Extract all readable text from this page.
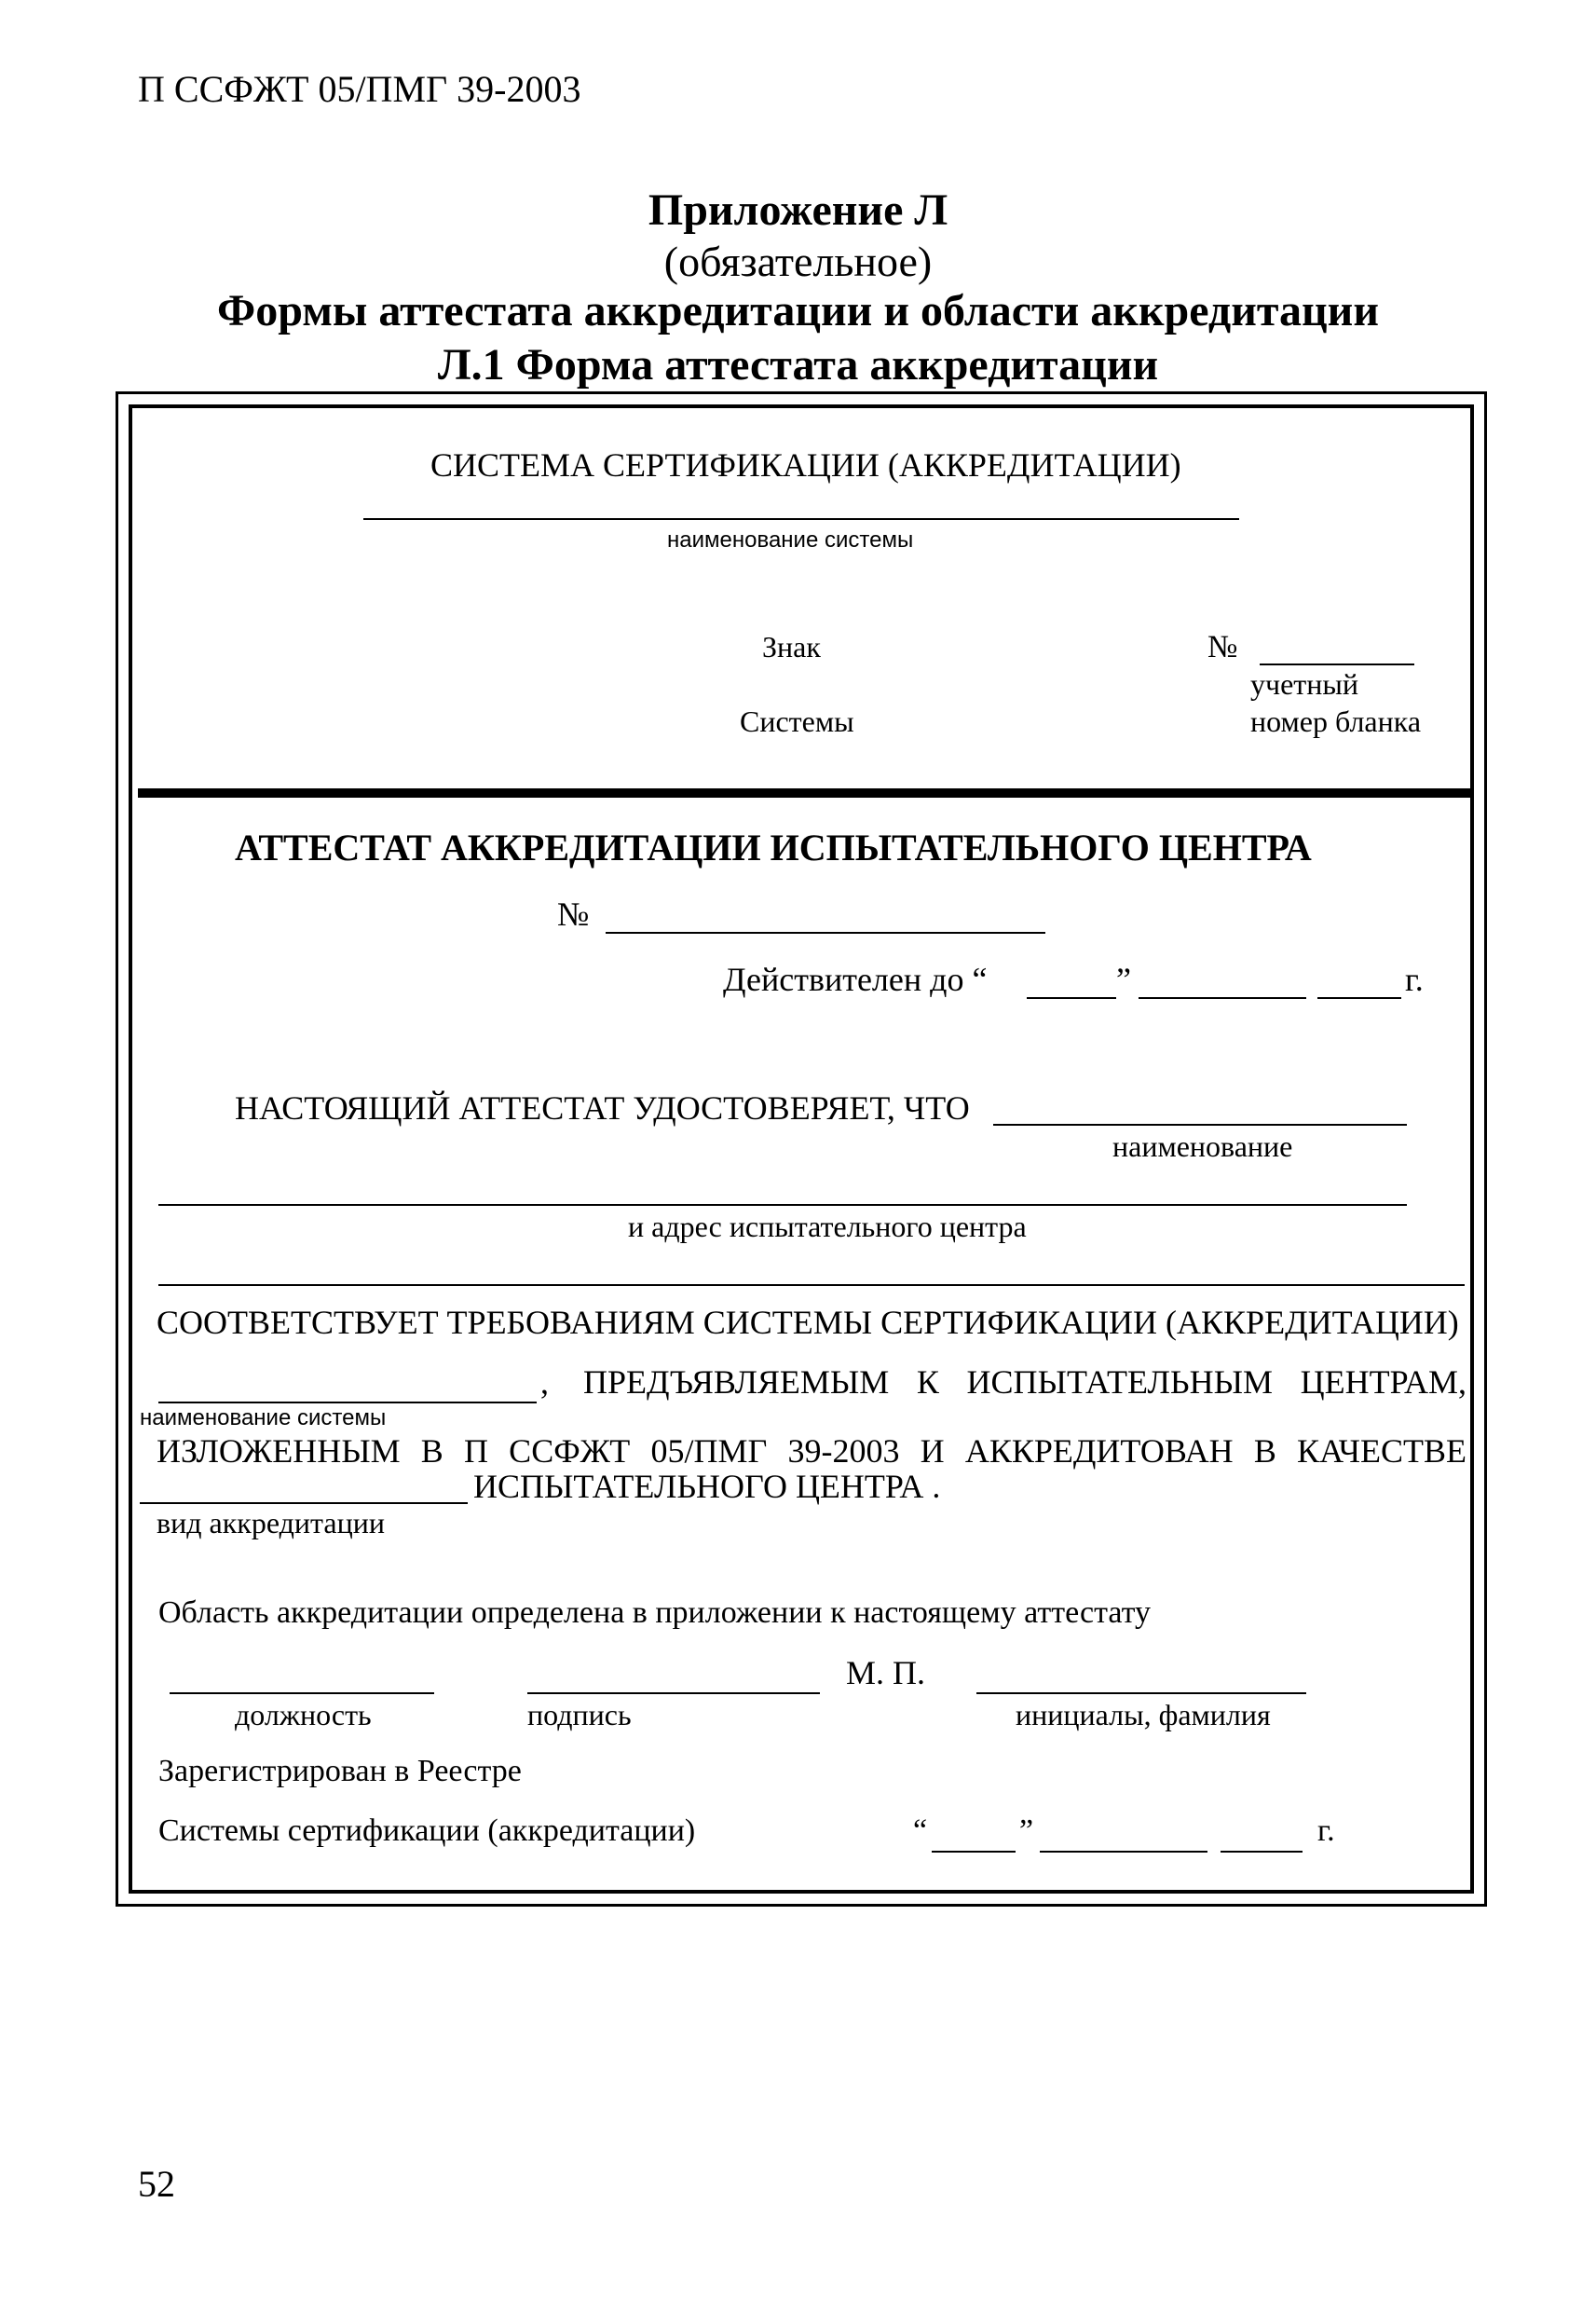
П ССФЖТ 05/ПМГ 39-2003
Приложение Л
(обязательное)
Формы аттестата аккредитации и области аккредитации
Л.1 Форма аттестата аккредитации
СИСТЕМА СЕРТИФИКАЦИИ (АККРЕДИТАЦИИ)
наименование системы
Знак
Системы
№
учетный
номер бланка
АТТЕСТАТ АККРЕДИТАЦИИ ИСПЫТАТЕЛЬНОГО ЦЕНТРА
№
Действителен до “	”	г.
НАСТОЯЩИЙ АТТЕСТАТ УДОСТОВЕРЯЕТ, ЧТО
наименование
и адрес испытательного центра
СООТВЕТСТВУЕТ ТРЕБОВАНИЯМ СИСТЕМЫ СЕРТИФИКАЦИИ (АККРЕДИТАЦИИ)
, ПРЕДЪЯВЛЯЕМЫМ К ИСПЫТАТЕЛЬНЫМ ЦЕНТРАМ,
наименование системы
ИЗЛОЖЕННЫМ В П ССФЖТ 05/ПМГ 39-2003 И АККРЕДИТОВАН В КАЧЕСТВЕ
ИСПЫТАТЕЛЬНОГО ЦЕНТРА .
вид аккредитации
Область аккредитации определена в приложении к настоящему аттестату
М. П.
должность	подпись	инициалы, фамилия
Зарегистрирован в Реестре
Системы сертификации (аккредитации)	“	”	г.
52
